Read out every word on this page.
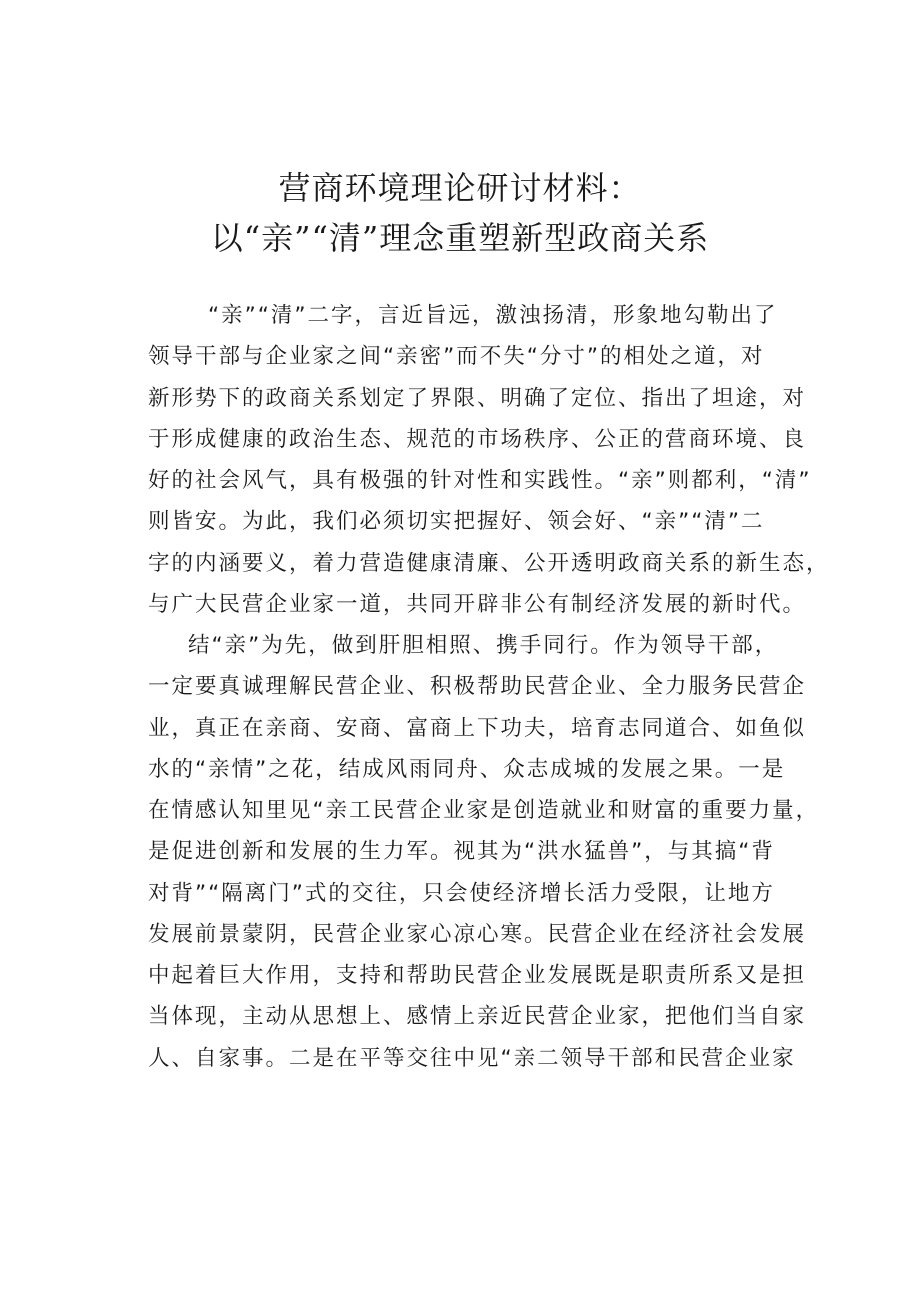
营商环境理论研讨材料：
以“亲”“清”理念重塑新型政商关系
“亲”“清”二字，言近旨远，激浊扬清，形象地勾勒出了
领导干部与企业家之间“亲密”而不失“分寸”的相处之道，对
新形势下的政商关系划定了界限、明确了定位、指出了坦途，对
于形成健康的政治生态、规范的市场秩序、公正的营商环境、良
好的社会风气，具有极强的针对性和实践性。“亲”则都利，“清”
则皆安。为此，我们必须切实把握好、领会好、“亲”“清”二
字的内涵要义，着力营造健康清廉、公开透明政商关系的新生态，
与广大民营企业家一道，共同开辟非公有制经济发展的新时代。
结“亲”为先，做到肝胆相照、携手同行。作为领导干部，
一定要真诚理解民营企业、积极帮助民营企业、全力服务民营企
业，真正在亲商、安商、富商上下功夫，培育志同道合、如鱼似
水的“亲情”之花，结成风雨同舟、众志成城的发展之果。一是
在情感认知里见“亲工民营企业家是创造就业和财富的重要力量，
是促进创新和发展的生力军。视其为“洪水猛兽”，与其搞“背
对背”“隔离门”式的交往，只会使经济增长活力受限，让地方
发展前景蒙阴，民营企业家心凉心寒。民营企业在经济社会发展
中起着巨大作用，支持和帮助民营企业发展既是职责所系又是担
当体现，主动从思想上、感情上亲近民营企业家，把他们当自家
人、自家事。二是在平等交往中见“亲二领导干部和民营企业家
